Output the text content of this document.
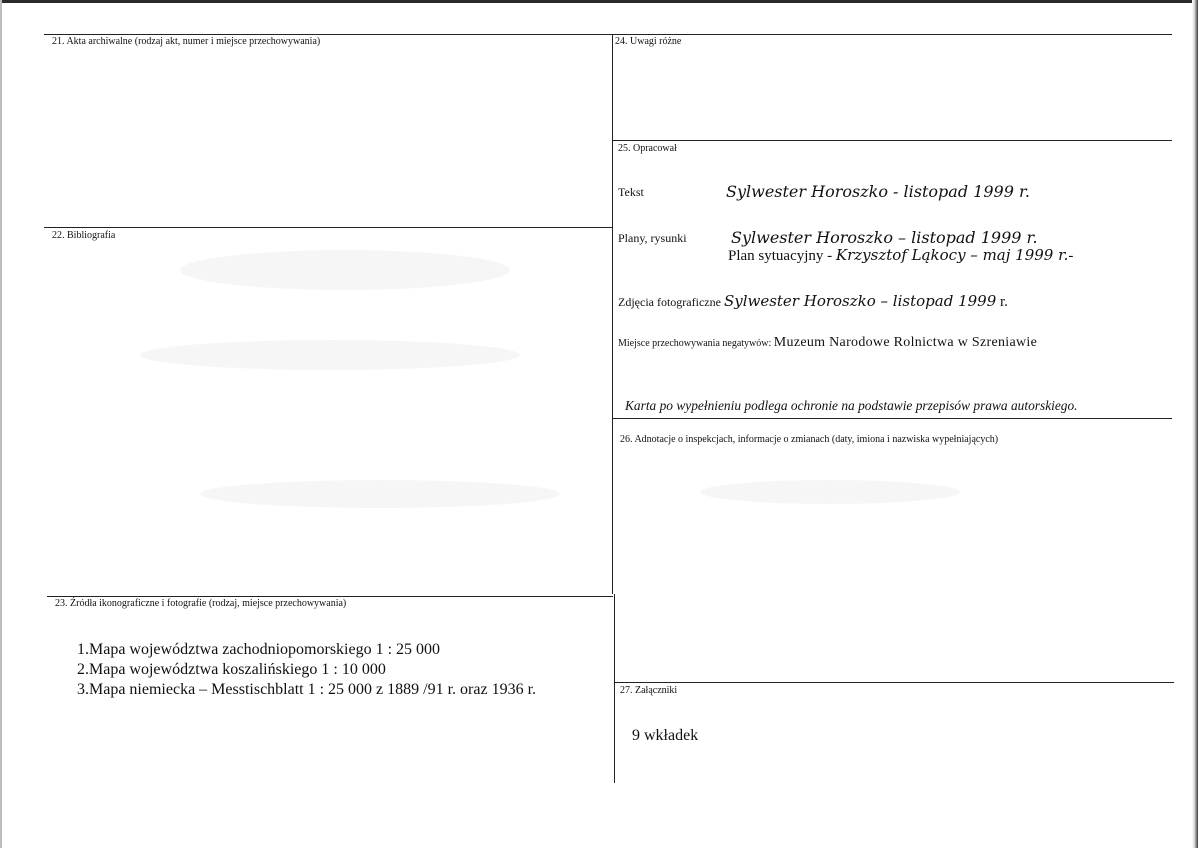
21. Akta archiwalne (rodzaj akt, numer i miejsce przechowywania)
22. Bibliografia
23. Źródła ikonograficzne i fotografie (rodzaj, miejsce przechowywania)
1.Mapa województwa zachodniopomorskiego 1 : 25 000
2.Mapa województwa koszalińskiego 1 : 10 000
3.Mapa niemiecka – Messtischblatt 1 : 25 000 z 1889 /91 r. oraz 1936 r.
24. Uwagi różne
25. Opracował
Tekst	Sylwester Horoszko - listopad 1999 r.
Plany, rysunki	Sylwester Horoszko – listopad 1999 r.
Plan sytuacyjny - Krzysztof Ląkocy – maj 1999 r.-
Zdjęcia fotograficzne Sylwester Horoszko – listopad 1999 r.
Miejsce przechowywania negatywów: Muzeum Narodowe Rolnictwa w Szreniawie
Karta po wypełnieniu podlega ochronie na podstawie przepisów prawa autorskiego.
26. Adnotacje o inspekcjach, informacje o zmianach (daty, imiona i nazwiska wypełniających)
27. Załączniki
9 wkładek
